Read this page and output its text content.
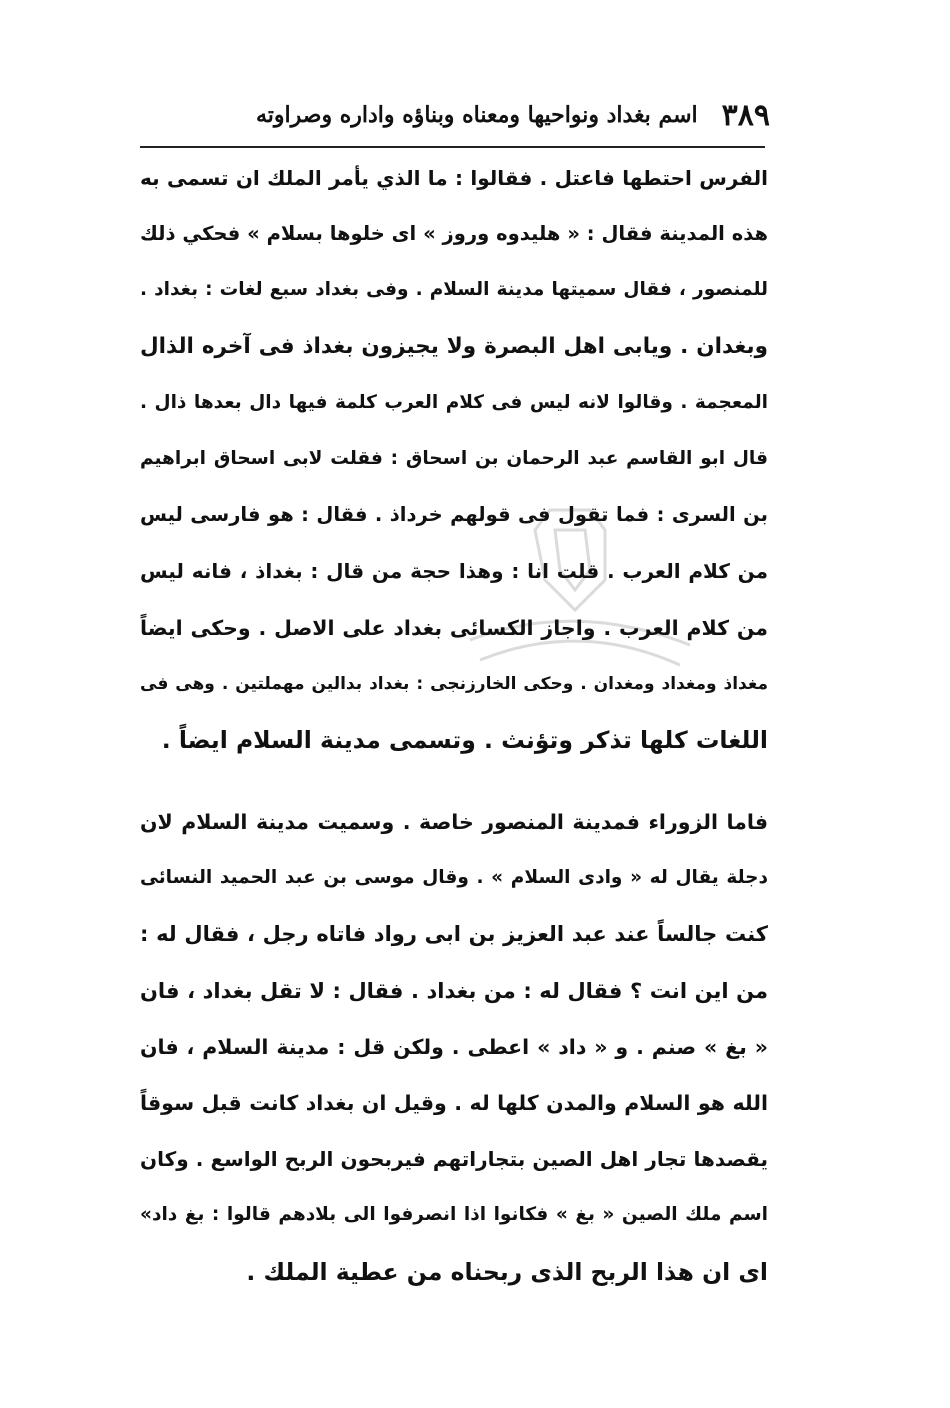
٣٨٩
اسم بغداد ونواحيها ومعناه وبناؤه واداره وصراوته
الفرس احتطها فاعتل . فقالوا : ما الذي يأمر الملك ان تسمى به
هذه المدينة فقال : « هليدوه وروز » اى خلوها بسلام » فحكي ذلك
للمنصور ، فقال سميتها مدينة السلام . وفى بغداد سبع لغات : بغداد .
وبغدان . ويابى اهل البصرة ولا يجيزون بغداذ فى آخره الذال
المعجمة . وقالوا لانه ليس فى كلام العرب كلمة فيها دال بعدها ذال .
قال ابو القاسم عبد الرحمان بن اسحاق : فقلت لابى اسحاق ابراهيم
بن السرى : فما تقول فى قولهم خرداذ . فقال : هو فارسى ليس
من كلام العرب . قلت انا : وهذا حجة من قال : بغداذ ، فانه ليس
من كلام العرب . واجاز الكسائى بغداد على الاصل . وحكى ايضاً
مغداذ ومغداد ومغدان . وحكى الخارزنجى : بغداد بدالين مهملتين . وهى فى
اللغات كلها تذكر وتؤنث . وتسمى مدينة السلام ايضاً .
فاما الزوراء فمدينة المنصور خاصة . وسميت مدينة السلام لان
دجلة يقال له « وادى السلام » . وقال موسى بن عبد الحميد النسائى
كنت جالساً عند عبد العزيز بن ابى رواد فاتاه رجل ، فقال له :
من اين انت ؟ فقال له : من بغداد . فقال : لا تقل بغداد ، فان
« بغ » صنم . و « داد » اعطى . ولكن قل : مدينة السلام ، فان
الله هو السلام والمدن كلها له . وقيل ان بغداد كانت قبل سوقاً
يقصدها تجار اهل الصين بتجاراتهم فيربحون الربح الواسع . وكان
اسم ملك الصين « بغ » فكانوا اذا انصرفوا الى بلادهم قالوا : بغ داد»
اى ان هذا الربح الذى ربحناه من عطية الملك .
